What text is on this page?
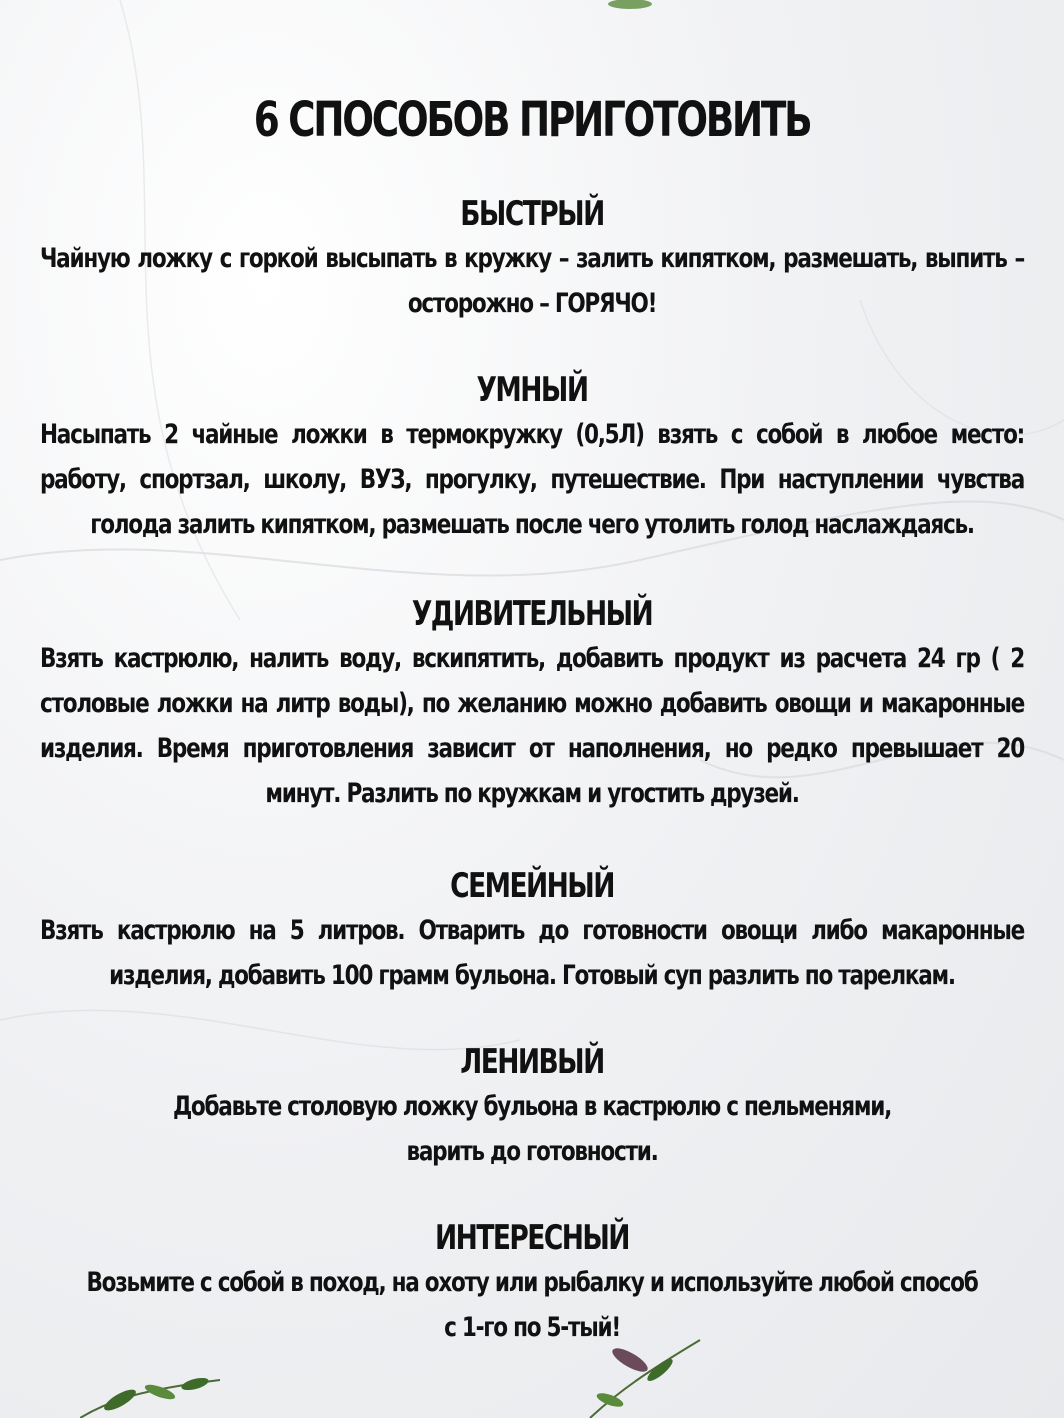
6 СПОСОБОВ ПРИГОТОВИТЬ

БЫСТРЫЙ

Чайную ложку с горкой высыпать в кружку – залить кипятком, размешать, выпить – осторожно – ГОРЯЧО!

УМНЫЙ

Насыпать 2 чайные ложки в термокружку (0,5Л) взять с собой в любое место: работу, спортзал, школу, ВУЗ, прогулку, путешествие. При наступлении чувства голода залить кипятком, размешать после чего утолить голод наслаждаясь.

УДИВИТЕЛЬНЫЙ

Взять кастрюлю, налить воду, вскипятить, добавить продукт из расчета 24 гр ( 2 столовые ложки на литр воды), по желанию можно добавить овощи и макаронные изделия. Время приготовления зависит от наполнения, но редко превышает 20 минут. Разлить по кружкам и угостить друзей.

СЕМЕЙНЫЙ

Взять кастрюлю на 5 литров. Отварить до готовности овощи либо макаронные изделия, добавить 100 грамм бульона. Готовый суп разлить по тарелкам.

ЛЕНИВЫЙ

Добавьте столовую ложку бульона в кастрюлю с пельменями,

варить до готовности.

ИНТЕРЕСНЫЙ

Возьмите с собой в поход, на охоту или рыбалку и используйте любой способ

с 1-го по 5-тый!
